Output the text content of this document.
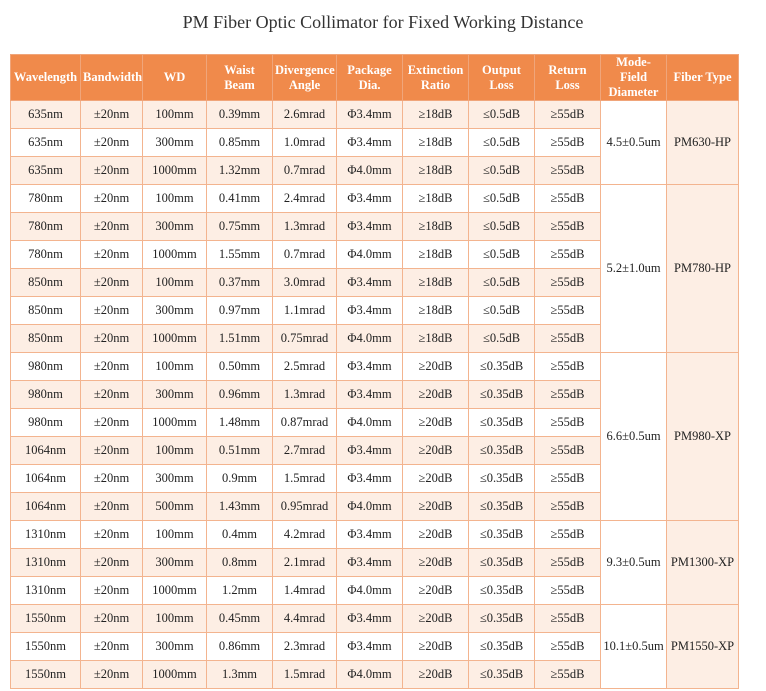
PM Fiber Optic Collimator for Fixed Working Distance
Wavelength	Bandwidth	WD	Waist Beam	Divergence Angle	Package Dia.	Extinction Ratio	Output Loss	Return Loss	Mode-Field Diameter	Fiber Type
635nm	±20nm	100mm	0.39mm	2.6mrad	Φ3.4mm	≥18dB	≤0.5dB	≥55dB	4.5±0.5um	PM630-HP
635nm	±20nm	300mm	0.85mm	1.0mrad	Φ3.4mm	≥18dB	≤0.5dB	≥55dB		
635nm	±20nm	1000mm	1.32mm	0.7mrad	Φ4.0mm	≥18dB	≤0.5dB	≥55dB		
780nm	±20nm	100mm	0.41mm	2.4mrad	Φ3.4mm	≥18dB	≤0.5dB	≥55dB	5.2±1.0um	PM780-HP
780nm	±20nm	300mm	0.75mm	1.3mrad	Φ3.4mm	≥18dB	≤0.5dB	≥55dB		
780nm	±20nm	1000mm	1.55mm	0.7mrad	Φ4.0mm	≥18dB	≤0.5dB	≥55dB		
850nm	±20nm	100mm	0.37mm	3.0mrad	Φ3.4mm	≥18dB	≤0.5dB	≥55dB		
850nm	±20nm	300mm	0.97mm	1.1mrad	Φ3.4mm	≥18dB	≤0.5dB	≥55dB		
850nm	±20nm	1000mm	1.51mm	0.75mrad	Φ4.0mm	≥18dB	≤0.5dB	≥55dB		
980nm	±20nm	100mm	0.50mm	2.5mrad	Φ3.4mm	≥20dB	≤0.35dB	≥55dB	6.6±0.5um	PM980-XP
980nm	±20nm	300mm	0.96mm	1.3mrad	Φ3.4mm	≥20dB	≤0.35dB	≥55dB		
980nm	±20nm	1000mm	1.48mm	0.87mrad	Φ4.0mm	≥20dB	≤0.35dB	≥55dB		
1064nm	±20nm	100mm	0.51mm	2.7mrad	Φ3.4mm	≥20dB	≤0.35dB	≥55dB		
1064nm	±20nm	300mm	0.9mm	1.5mrad	Φ3.4mm	≥20dB	≤0.35dB	≥55dB		
1064nm	±20nm	500mm	1.43mm	0.95mrad	Φ4.0mm	≥20dB	≤0.35dB	≥55dB		
1310nm	±20nm	100mm	0.4mm	4.2mrad	Φ3.4mm	≥20dB	≤0.35dB	≥55dB	9.3±0.5um	PM1300-XP
1310nm	±20nm	300mm	0.8mm	2.1mrad	Φ3.4mm	≥20dB	≤0.35dB	≥55dB		
1310nm	±20nm	1000mm	1.2mm	1.4mrad	Φ4.0mm	≥20dB	≤0.35dB	≥55dB		
1550nm	±20nm	100mm	0.45mm	4.4mrad	Φ3.4mm	≥20dB	≤0.35dB	≥55dB	10.1±0.5um	PM1550-XP
1550nm	±20nm	300mm	0.86mm	2.3mrad	Φ3.4mm	≥20dB	≤0.35dB	≥55dB		
1550nm	±20nm	1000mm	1.3mm	1.5mrad	Φ4.0mm	≥20dB	≤0.35dB	≥55dB		
